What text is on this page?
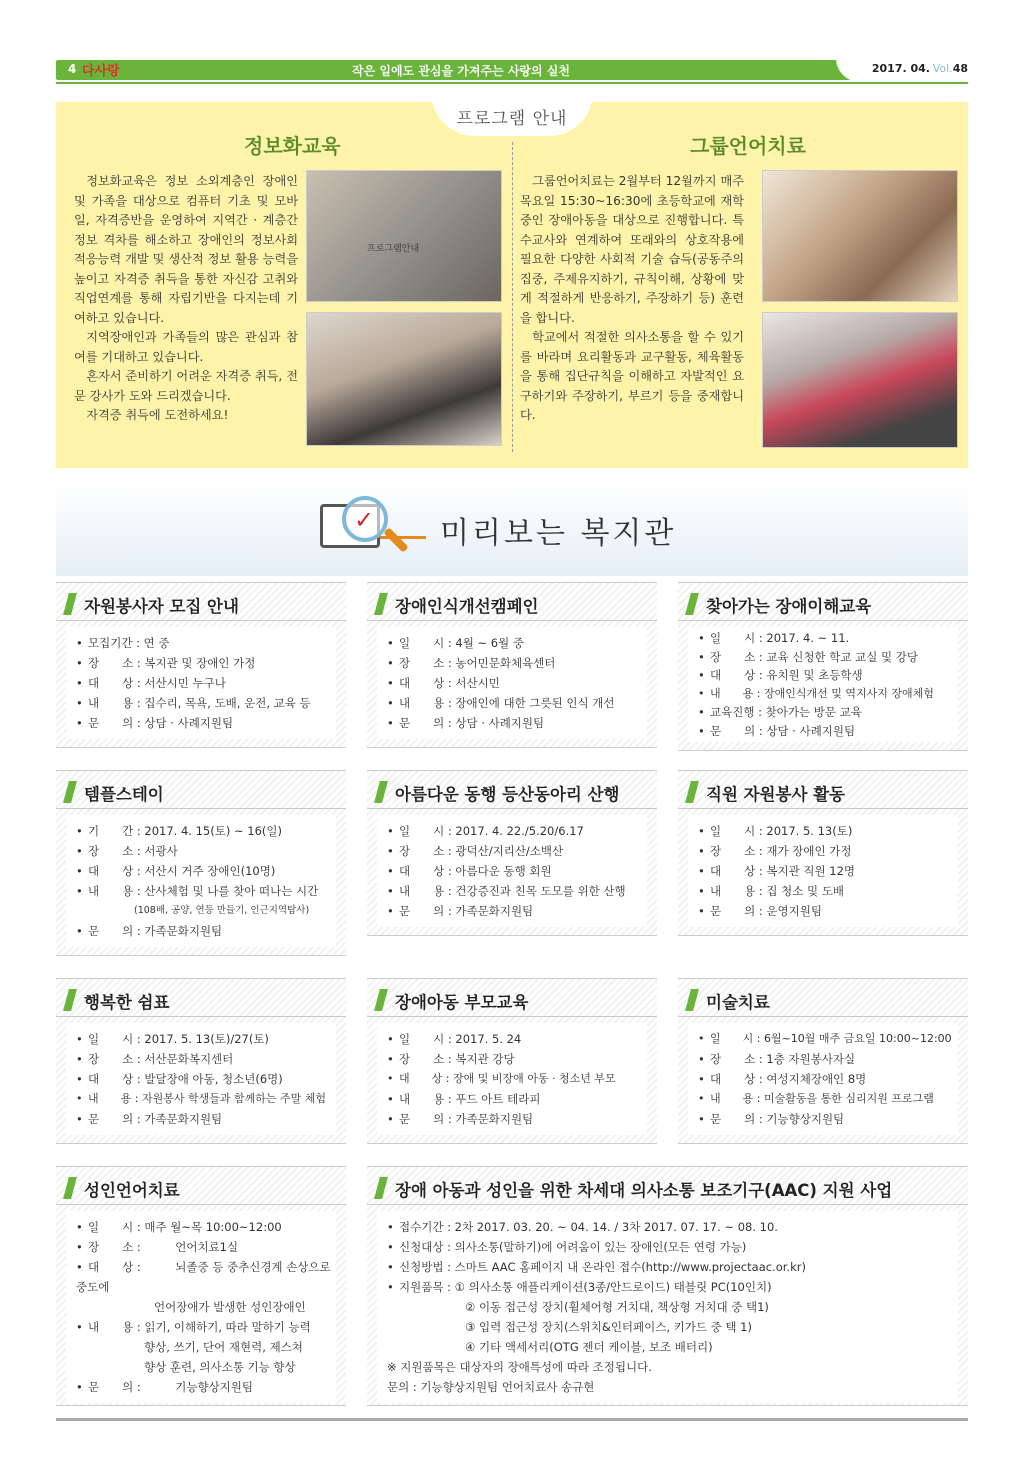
4 다사랑	작은 일에도 관심을 가져주는 사랑의 실천	2017. 04. Vol.48
프로그램 안내
정보화교육

정보화교육은 정보 소외계층인 장애인 및 가족을 대상으로 컴퓨터 기초 및 모바일, 자격증반을 운영하여 지역간 · 계층간 정보 격차를 해소하고 장애인의 정보사회 적응능력 개발 및 생산적 정보 활용 능력을 높이고 자격증 취득을 통한 자신감 고취와 직업연계를 통해 자립기반을 다지는데 기여하고 있습니다.

지역장애인과 가족들의 많은 관심과 참여를 기대하고 있습니다.

혼자서 준비하기 어려운 자격증 취득, 전문 강사가 도와 드리겠습니다.

자격증 취득에 도전하세요!

프로그램안내
그룹언어치료

그룹언어치료는 2월부터 12월까지 매주 목요일 15:30~16:30에 초등학교에 재학중인 장애아동을 대상으로 진행합니다. 특수교사와 연계하여 또래와의 상호작용에 필요한 다양한 사회적 기술 습득(공동주의집중, 주제유지하기, 규칙이해, 상황에 맞게 적절하게 반응하기, 주장하기 등) 훈련을 합니다.

학교에서 적절한 의사소통을 할 수 있기를 바라며 요리활동과 교구활동, 체육활동을 통해 집단규칙을 이해하고 자발적인 요구하기와 주장하기, 부르기 등을 중재합니다.

✓ 미리보는 복지관
자원봉사자 모집 안내
• 모집기간 : 연 중
• 장　　소 : 복지관 및 장애인 가정
• 대　　상 : 서산시민 누구나
• 내　　용 : 집수리, 목욕, 도배, 운전, 교육 등
• 문　　의 : 상담 · 사례지원팀
장애인식개선캠페인
• 일　　시 : 4월 ~ 6월 중
• 장　　소 : 농어민문화체육센터
• 대　　상 : 서산시민
• 내　　용 : 장애인에 대한 그릇된 인식 개선
• 문　　의 : 상담 · 사례지원팀
찾아가는 장애이해교육
• 일　　시 : 2017. 4. ~ 11.
• 장　　소 : 교육 신청한 학교 교실 및 강당
• 대　　상 : 유치원 및 초등학생
• 내　　용 : 장애인식개선 및 역지사지 장애체험
• 교육진행 : 찾아가는 방문 교육
• 문　　의 : 상담 · 사례지원팀
템플스테이
• 기　　간 : 2017. 4. 15(토) ~ 16(일)
• 장　　소 : 서광사
• 대　　상 : 서산시 거주 장애인(10명)
• 내　　용 : 산사체험 및 나를 찾아 떠나는 시간
(108배, 공양, 연등 만들기, 인근지역탐사)
• 문　　의 : 가족문화지원팀
아름다운 동행 등산동아리 산행
• 일　　시 : 2017. 4. 22./5.20/6.17
• 장　　소 : 광덕산/지리산/소백산
• 대　　상 : 아름다운 동행 회원
• 내　　용 : 건강증진과 친목 도모를 위한 산행
• 문　　의 : 가족문화지원팀
직원 자원봉사 활동
• 일　　시 : 2017. 5. 13(토)
• 장　　소 : 재가 장애인 가정
• 대　　상 : 복지관 직원 12명
• 내　　용 : 집 청소 및 도배
• 문　　의 : 운영지원팀
행복한 쉼표
• 일　　시 : 2017. 5. 13(토)/27(토)
• 장　　소 : 서산문화복지센터
• 대　　상 : 발달장애 아동, 청소년(6명)
• 내　　용 : 자원봉사 학생들과 함께하는 주말 체험
• 문　　의 : 가족문화지원팀
장애아동 부모교육
• 일　　시 : 2017. 5. 24
• 장　　소 : 복지관 강당
• 대　　상 : 장애 및 비장애 아동 · 청소년 부모
• 내　　용 : 푸드 아트 테라피
• 문　　의 : 가족문화지원팀
미술치료
• 일　　시 : 6월~10월 매주 금요일 10:00~12:00
• 장　　소 : 1층 자원봉사자실
• 대　　상 : 여성지체장애인 8명
• 내　　용 : 미술활동을 통한 심리지원 프로그램
• 문　　의 : 기능향상지원팀
성인언어치료
• 일　　시 : 매주 월~목 10:00~12:00
• 장　　소 :　　　언어치료1실
• 대　　상 :　　　뇌졸중 등 중추신경계 손상으로
중도에
언어장애가 발생한 성인장애인
• 내　　용 : 읽기, 이해하기, 따라 말하기 능력
향상, 쓰기, 단어 재현력, 제스쳐
향상 훈련, 의사소통 기능 향상
• 문　　의 :　　　기능향상지원팀
장애 아동과 성인을 위한 차세대 의사소통 보조기구(AAC) 지원 사업
• 접수기간 : 2차 2017. 03. 20. ~ 04. 14. / 3차 2017. 07. 17. ~ 08. 10.
• 신청대상 : 의사소통(말하기)에 어려움이 있는 장애인(모든 연령 가능)
• 신청방법 : 스마트 AAC 홈페이지 내 온라인 접수(http://www.projectaac.or.kr)
• 지원품목 : ① 의사소통 애플리케이션(3종/안드로이드) 태블릿 PC(10인치)
② 이동 접근성 장치(휠체어형 거치대, 책상형 거치대 중 택1)
③ 입력 접근성 장치(스위치&인터페이스, 키가드 중 택 1)
④ 기타 액세서리(OTG 젠더 케이블, 보조 배터리)
※ 지원품목은 대상자의 장애특성에 따라 조정됩니다.
문의 : 기능향상지원팀 언어치료사 송규현
